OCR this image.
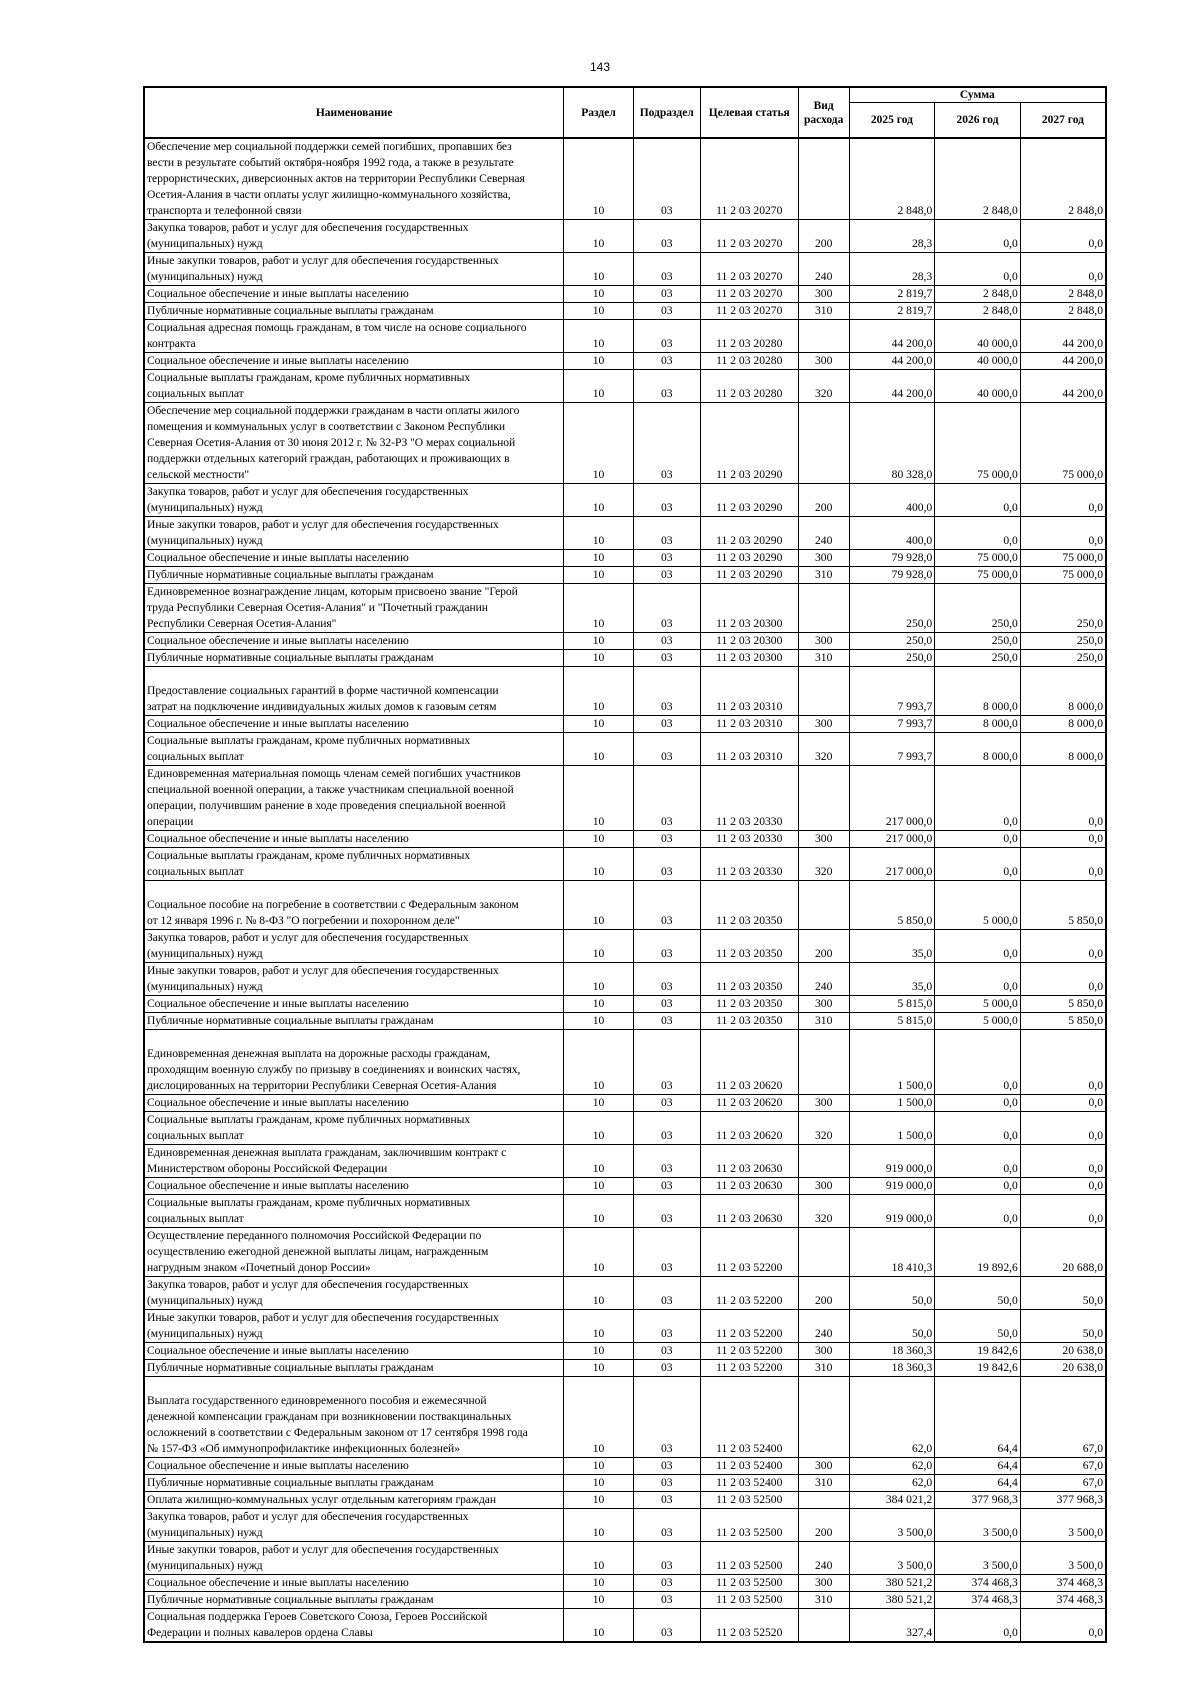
143
Наименование	Раздел	Подраздел	Целевая статья	Вид расхода	Сумма		
					2025 год	2026 год	2027 год

Обеспечение мер социальной поддержки семей погибших, пропавших без
вести в результате событий октября-ноября 1992 года, а также в результате
террористических, диверсионных актов на территории Республики Северная
Осетия-Алания в части оплаты услуг жилищно-коммунального хозяйства,
транспорта и телефонной связи	10	03	11 2 03 20270		2 848,0	2 848,0	2 848,0

Закупка товаров, работ и услуг для обеспечения государственных
(муниципальных) нужд	10	03	11 2 03 20270	200	28,3	0,0	0,0

Иные закупки товаров, работ и услуг для обеспечения государственных
(муниципальных) нужд	10	03	11 2 03 20270	240	28,3	0,0	0,0

Социальное обеспечение и иные выплаты населению	10	03	11 2 03 20270	300	2 819,7	2 848,0	2 848,0

Публичные нормативные социальные выплаты гражданам	10	03	11 2 03 20270	310	2 819,7	2 848,0	2 848,0

Социальная адресная помощь гражданам, в том числе на основе социального
контракта	10	03	11 2 03 20280		44 200,0	40 000,0	44 200,0

Социальное обеспечение и иные выплаты населению	10	03	11 2 03 20280	300	44 200,0	40 000,0	44 200,0

Социальные выплаты гражданам, кроме публичных нормативных
социальных выплат	10	03	11 2 03 20280	320	44 200,0	40 000,0	44 200,0

Обеспечение мер социальной поддержки гражданам в части оплаты жилого
помещения и коммунальных услуг в соответствии с Законом Республики
Северная Осетия-Алания от 30 июня 2012 г. № 32-РЗ "О мерах социальной
поддержки отдельных категорий граждан, работающих и проживающих в
сельской местности"	10	03	11 2 03 20290		80 328,0	75 000,0	75 000,0

Закупка товаров, работ и услуг для обеспечения государственных
(муниципальных) нужд	10	03	11 2 03 20290	200	400,0	0,0	0,0

Иные закупки товаров, работ и услуг для обеспечения государственных
(муниципальных) нужд	10	03	11 2 03 20290	240	400,0	0,0	0,0

Социальное обеспечение и иные выплаты населению	10	03	11 2 03 20290	300	79 928,0	75 000,0	75 000,0

Публичные нормативные социальные выплаты гражданам	10	03	11 2 03 20290	310	79 928,0	75 000,0	75 000,0

Единовременное вознаграждение лицам, которым присвоено звание "Герой
труда Республики Северная Осетия-Алания" и "Почетный гражданин
Республики Северная Осетия-Алания"	10	03	11 2 03 20300		250,0	250,0	250,0

Социальное обеспечение и иные выплаты населению	10	03	11 2 03 20300	300	250,0	250,0	250,0

Публичные нормативные социальные выплаты гражданам	10	03	11 2 03 20300	310	250,0	250,0	250,0

Предоставление социальных гарантий в форме частичной компенсации
затрат на подключение индивидуальных жилых домов к газовым сетям	10	03	11 2 03 20310		7 993,7	8 000,0	8 000,0

Социальное обеспечение и иные выплаты населению	10	03	11 2 03 20310	300	7 993,7	8 000,0	8 000,0

Социальные выплаты гражданам, кроме публичных нормативных
социальных выплат	10	03	11 2 03 20310	320	7 993,7	8 000,0	8 000,0

Единовременная материальная помощь членам семей погибших участников
специальной военной операции, а также участникам специальной военной
операции, получившим ранение в ходе проведения специальной военной
операции	10	03	11 2 03 20330		217 000,0	0,0	0,0

Социальное обеспечение и иные выплаты населению	10	03	11 2 03 20330	300	217 000,0	0,0	0,0

Социальные выплаты гражданам, кроме публичных нормативных
социальных выплат	10	03	11 2 03 20330	320	217 000,0	0,0	0,0

Социальное пособие на погребение в соответствии с Федеральным законом
от 12 января 1996 г. № 8-ФЗ "О погребении и похоронном деле"	10	03	11 2 03 20350		5 850,0	5 000,0	5 850,0

Закупка товаров, работ и услуг для обеспечения государственных
(муниципальных) нужд	10	03	11 2 03 20350	200	35,0	0,0	0,0

Иные закупки товаров, работ и услуг для обеспечения государственных
(муниципальных) нужд	10	03	11 2 03 20350	240	35,0	0,0	0,0

Социальное обеспечение и иные выплаты населению	10	03	11 2 03 20350	300	5 815,0	5 000,0	5 850,0

Публичные нормативные социальные выплаты гражданам	10	03	11 2 03 20350	310	5 815,0	5 000,0	5 850,0

Единовременная денежная выплата на дорожные расходы гражданам,
проходящим военную службу по призыву в соединениях и воинских частях,
дислоцированных на территории Республики Северная Осетия-Алания	10	03	11 2 03 20620		1 500,0	0,0	0,0

Социальное обеспечение и иные выплаты населению	10	03	11 2 03 20620	300	1 500,0	0,0	0,0

Социальные выплаты гражданам, кроме публичных нормативных
социальных выплат	10	03	11 2 03 20620	320	1 500,0	0,0	0,0

Единовременная денежная выплата гражданам, заключившим контракт с
Министерством обороны Российской Федерации	10	03	11 2 03 20630		919 000,0	0,0	0,0

Социальное обеспечение и иные выплаты населению	10	03	11 2 03 20630	300	919 000,0	0,0	0,0

Социальные выплаты гражданам, кроме публичных нормативных
социальных выплат	10	03	11 2 03 20630	320	919 000,0	0,0	0,0

Осуществление переданного полномочия Российской Федерации по
осуществлению ежегодной денежной выплаты лицам, награжденным
нагрудным знаком «Почетный донор России»	10	03	11 2 03 52200		18 410,3	19 892,6	20 688,0

Закупка товаров, работ и услуг для обеспечения государственных
(муниципальных) нужд	10	03	11 2 03 52200	200	50,0	50,0	50,0

Иные закупки товаров, работ и услуг для обеспечения государственных
(муниципальных) нужд	10	03	11 2 03 52200	240	50,0	50,0	50,0

Социальное обеспечение и иные выплаты населению	10	03	11 2 03 52200	300	18 360,3	19 842,6	20 638,0

Публичные нормативные социальные выплаты гражданам	10	03	11 2 03 52200	310	18 360,3	19 842,6	20 638,0

Выплата государственного единовременного пособия и ежемесячной
денежной компенсации гражданам при возникновении поствакцинальных
осложнений в соответствии с Федеральным законом от 17 сентября 1998 года
№ 157-ФЗ «Об иммунопрофилактике инфекционных болезней»	10	03	11 2 03 52400		62,0	64,4	67,0

Социальное обеспечение и иные выплаты населению	10	03	11 2 03 52400	300	62,0	64,4	67,0

Публичные нормативные социальные выплаты гражданам	10	03	11 2 03 52400	310	62,0	64,4	67,0

Оплата жилищно-коммунальных услуг отдельным категориям граждан	10	03	11 2 03 52500		384 021,2	377 968,3	377 968,3

Закупка товаров, работ и услуг для обеспечения государственных
(муниципальных) нужд	10	03	11 2 03 52500	200	3 500,0	3 500,0	3 500,0

Иные закупки товаров, работ и услуг для обеспечения государственных
(муниципальных) нужд	10	03	11 2 03 52500	240	3 500,0	3 500,0	3 500,0

Социальное обеспечение и иные выплаты населению	10	03	11 2 03 52500	300	380 521,2	374 468,3	374 468,3

Публичные нормативные социальные выплаты гражданам	10	03	11 2 03 52500	310	380 521,2	374 468,3	374 468,3

Социальная поддержка Героев Советского Союза, Героев Российской
Федерации и полных кавалеров ордена Славы	10	03	11 2 03 52520		327,4	0,0	0,0
